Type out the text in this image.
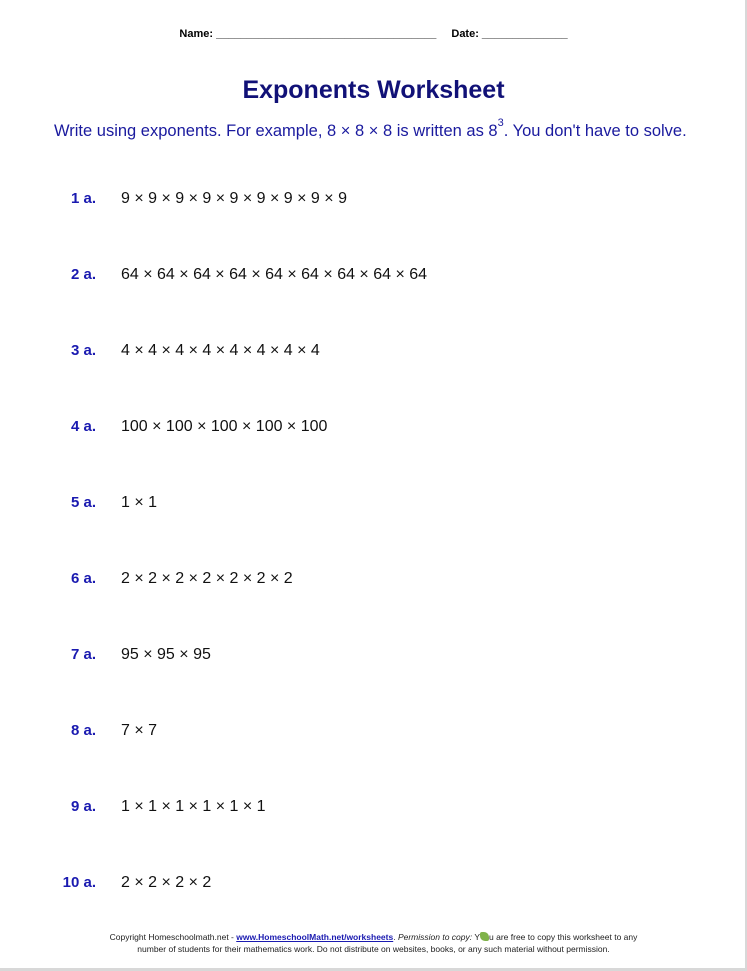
Name: ____________________________________ Date: ______________
Exponents Worksheet
Write using exponents. For example, 8 × 8 × 8 is written as $8^3$. You don't have to solve.
1 a. 9 × 9 × 9 × 9 × 9 × 9 × 9 × 9 × 9
2 a. 64 × 64 × 64 × 64 × 64 × 64 × 64 × 64 × 64
3 a. 4 × 4 × 4 × 4 × 4 × 4 × 4 × 4
4 a. 100 × 100 × 100 × 100 × 100
5 a. 1 × 1
6 a. 2 × 2 × 2 × 2 × 2 × 2 × 2
7 a. 95 × 95 × 95
8 a. 7 × 7
9 a. 1 × 1 × 1 × 1 × 1 × 1
10 a. 2 × 2 × 2 × 2
Copyright Homeschoolmath.net - www.HomeschoolMath.net/worksheets. Permission to copy: Y u are free to copy this worksheet to any
number of students for their mathematics work. Do not distribute on websites, books, or any such material without permission.
